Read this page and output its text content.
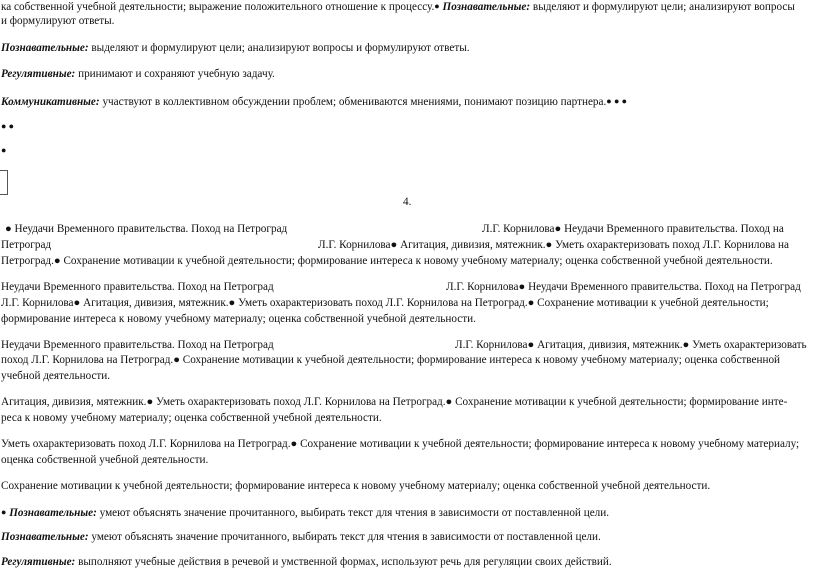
ка собственной учебной деятельности; выражение положительного отношение к процессу.● Познавательные: выделяют и формулируют цели; анализируют вопросы
и формулируют ответы.
Познавательные: выделяют и формулируют цели; анализируют вопросы и формулируют ответы.
Регулятивные: принимают и сохраняют учебную задачу.
Коммуникативные: участвуют в коллективном обсуждении проблем; обмениваются мнениями, понимают позицию партнера.● ● ●
● ●
●
4.
● Неудачи Временного правительства. Поход на Петроград	Л.Г. Корнилова● Неудачи Временного правительства. Поход на
Петроград	Л.Г. Корнилова● Агитация, дивизия, мятежник.● Уметь охарактеризовать поход Л.Г. Корнилова на
Петроград.● Сохранение мотивации к учебной деятельности; формирование интереса к новому учебному материалу; оценка собственной учебной деятельности.
Неудачи Временного правительства. Поход на Петроград	Л.Г. Корнилова● Неудачи Временного правительства. Поход на Петроград
Л.Г. Корнилова● Агитация, дивизия, мятежник.● Уметь охарактеризовать поход Л.Г. Корнилова на Петроград.● Сохранение мотивации к учебной деятельности;
формирование интереса к новому учебному материалу; оценка собственной учебной деятельности.
Неудачи Временного правительства. Поход на Петроград	Л.Г. Корнилова● Агитация, дивизия, мятежник.● Уметь охарактеризовать
поход Л.Г. Корнилова на Петроград.● Сохранение мотивации к учебной деятельности; формирование интереса к новому учебному материалу; оценка собственной
учебной деятельности.
Агитация, дивизия, мятежник.● Уметь охарактеризовать поход Л.Г. Корнилова на Петроград.● Сохранение мотивации к учебной деятельности; формирование инте-
реса к новому учебному материалу; оценка собственной учебной деятельности.
Уметь охарактеризовать поход Л.Г. Корнилова на Петроград.● Сохранение мотивации к учебной деятельности; формирование интереса к новому учебному материалу;
оценка собственной учебной деятельности.
Сохранение мотивации к учебной деятельности; формирование интереса к новому учебному материалу; оценка собственной учебной деятельности.
● Познавательные: умеют объяснять значение прочитанного, выбирать текст для чтения в зависимости от поставленной цели.
Познавательные: умеют объяснять значение прочитанного, выбирать текст для чтения в зависимости от поставленной цели.
Регулятивные: выполняют учебные действия в речевой и умственной формах, используют речь для регуляции своих действий.
